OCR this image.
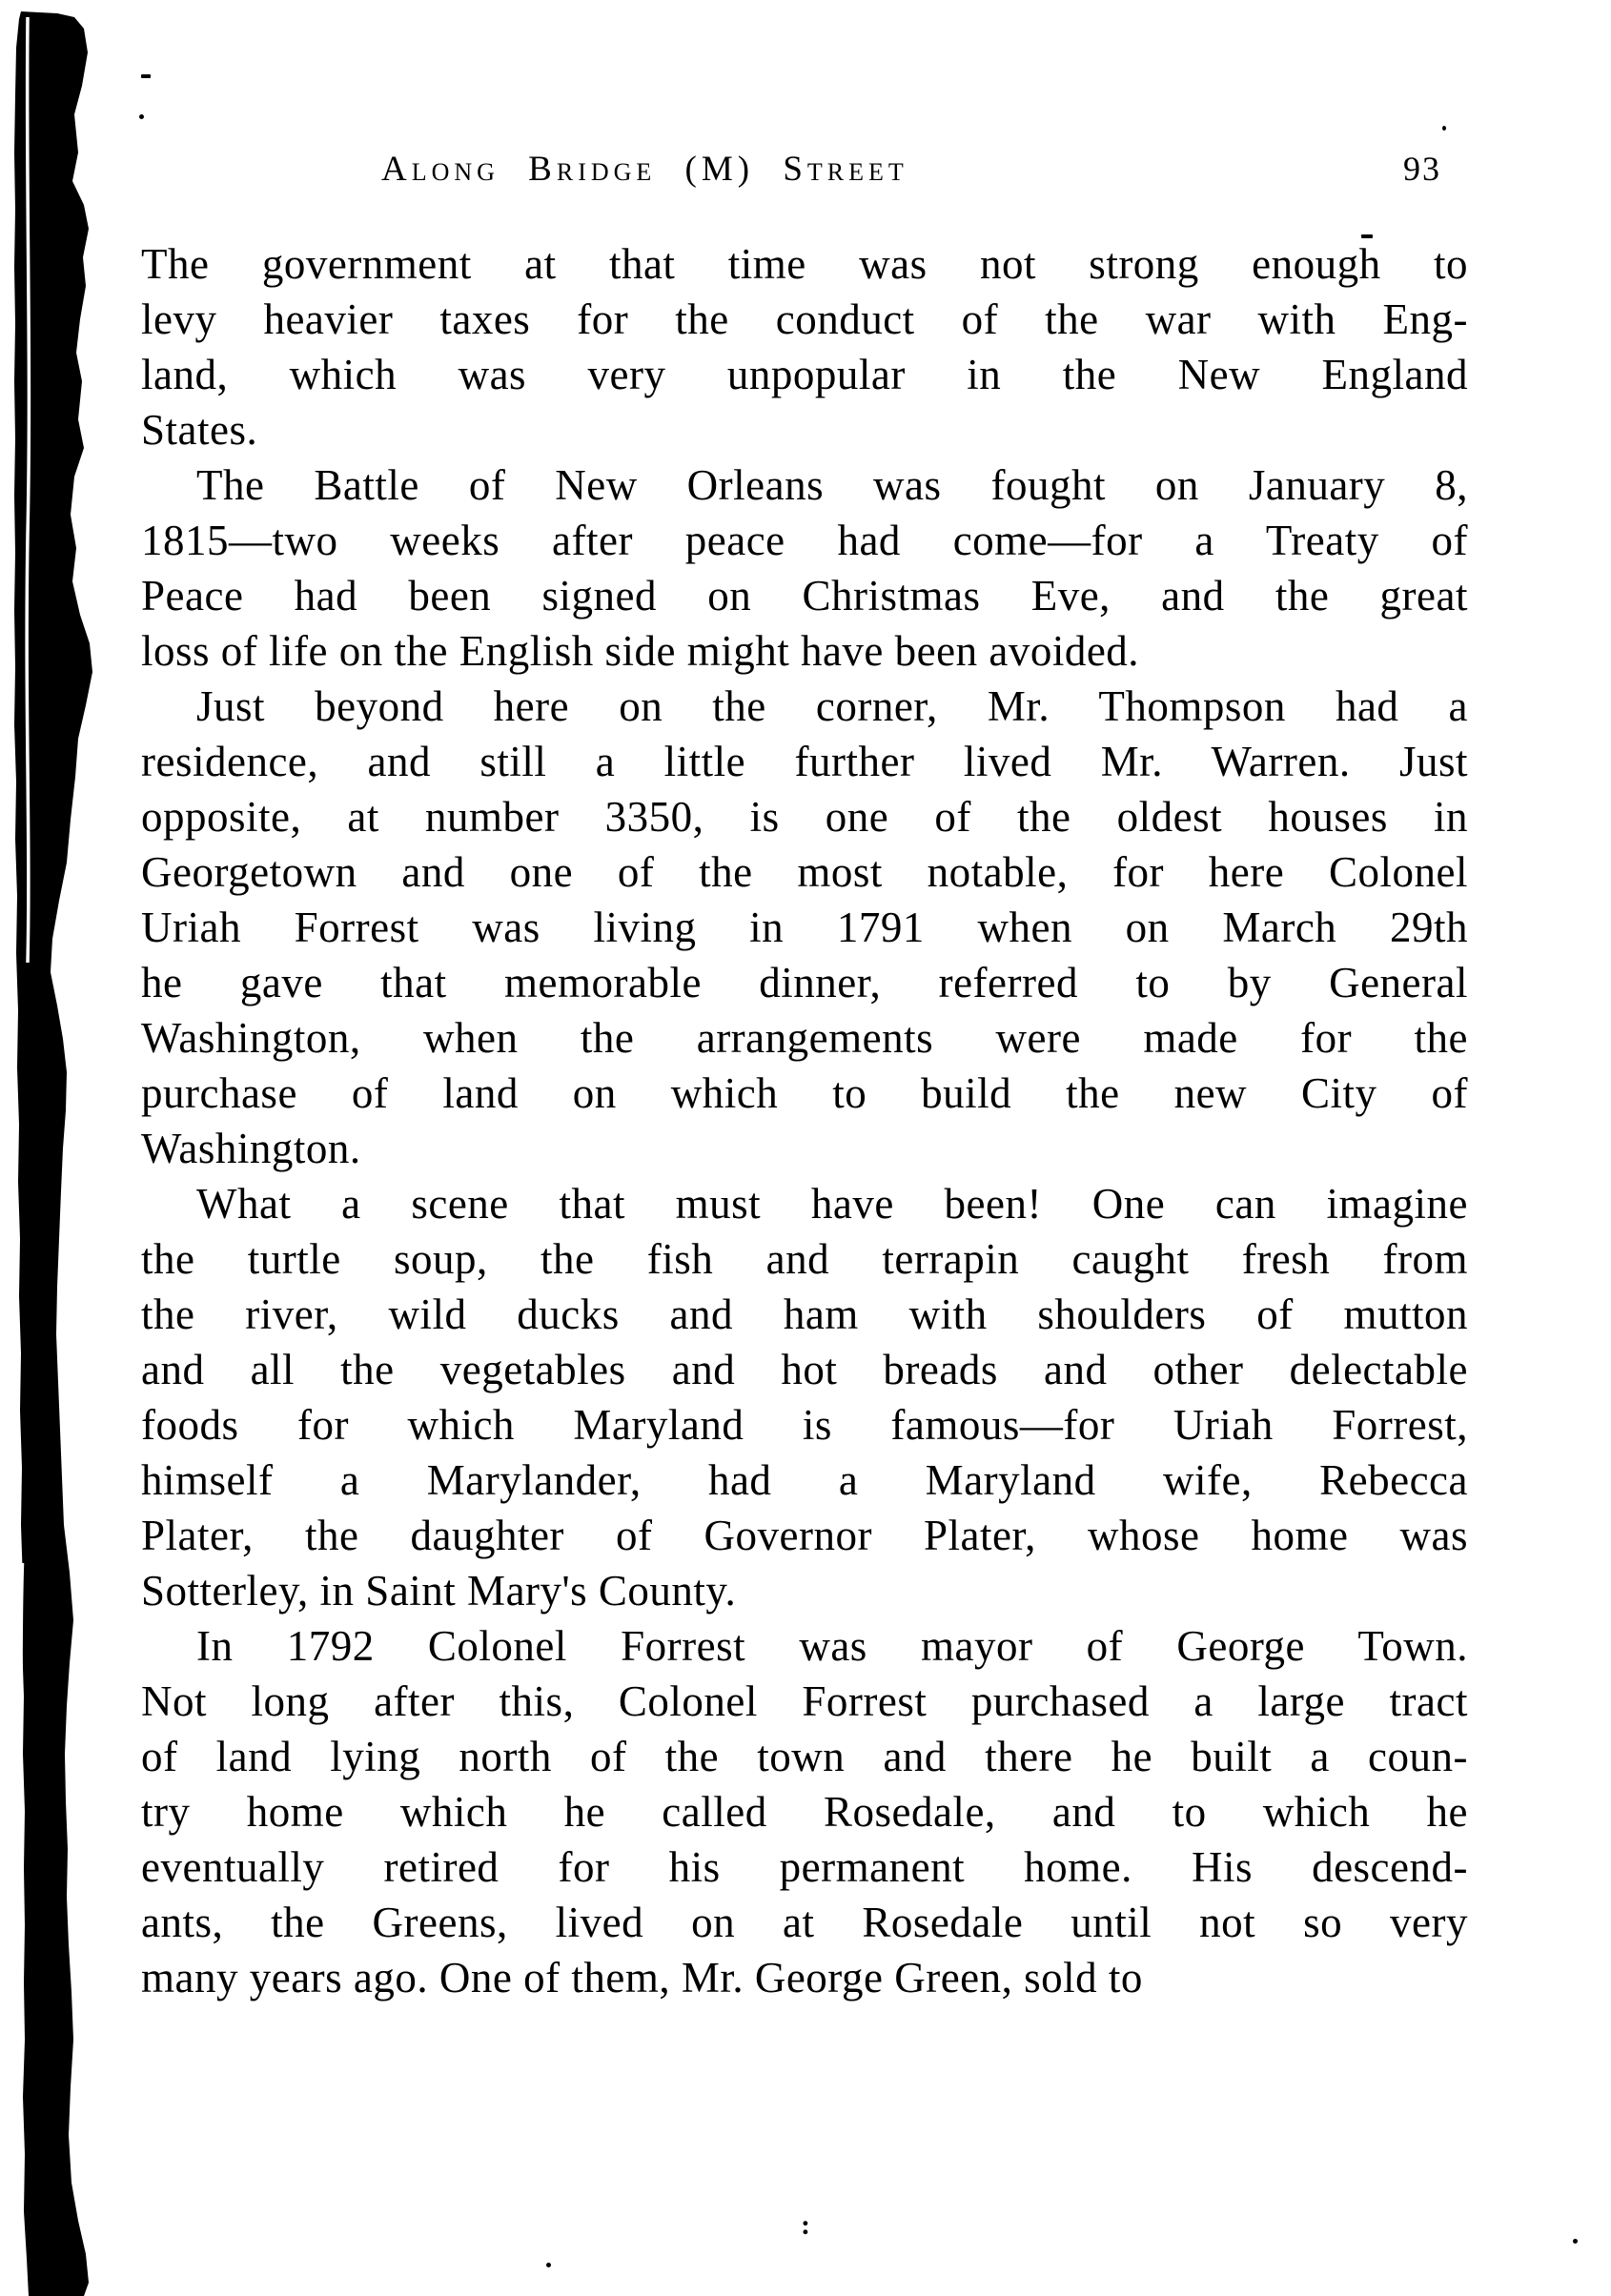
Along Bridge (M) Street	93
The government at that time was not strong enough to
levy heavier taxes for the conduct of the war with Eng-
land, which was very unpopular in the New England
States.
The Battle of New Orleans was fought on January 8,
1815—two weeks after peace had come—for a Treaty of
Peace had been signed on Christmas Eve, and the great
loss of life on the English side might have been avoided.
Just beyond here on the corner, Mr. Thompson had a
residence, and still a little further lived Mr. Warren. Just
opposite, at number 3350, is one of the oldest houses in
Georgetown and one of the most notable, for here Colonel
Uriah Forrest was living in 1791 when on March 29th
he gave that memorable dinner, referred to by General
Washington, when the arrangements were made for the
purchase of land on which to build the new City of
Washington.
What a scene that must have been! One can imagine
the turtle soup, the fish and terrapin caught fresh from
the river, wild ducks and ham with shoulders of mutton
and all the vegetables and hot breads and other delectable
foods for which Maryland is famous—for Uriah Forrest,
himself a Marylander, had a Maryland wife, Rebecca
Plater, the daughter of Governor Plater, whose home was
Sotterley, in Saint Mary's County.
In 1792 Colonel Forrest was mayor of George Town.
Not long after this, Colonel Forrest purchased a large tract
of land lying north of the town and there he built a coun-
try home which he called Rosedale, and to which he
eventually retired for his permanent home. His descend-
ants, the Greens, lived on at Rosedale until not so very
many years ago. One of them, Mr. George Green, sold to
:
